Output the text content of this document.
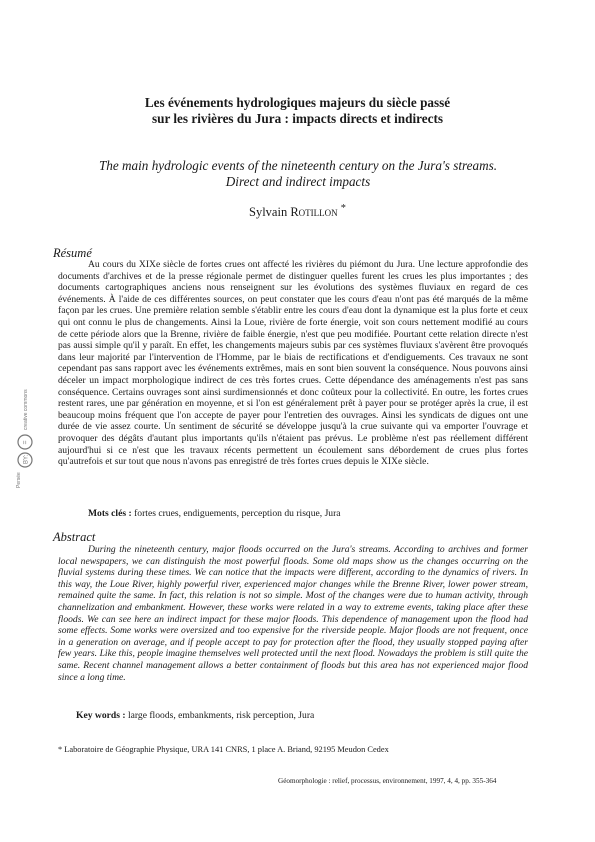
Les événements hydrologiques majeurs du siècle passé
sur les rivières du Jura : impacts directs et indirects
The main hydrologic events of the nineteenth century on the Jura's streams.
Direct and indirect impacts
Sylvain Rotillon *
Résumé

Au cours du XIXe siècle de fortes crues ont affecté les rivières du piémont du Jura. Une lecture approfondie des documents d'archives et de la presse régionale permet de distinguer quelles furent les crues les plus importantes ; des documents cartographiques anciens nous renseignent sur les évolutions des systèmes fluviaux en regard de ces événements. À l'aide de ces différentes sources, on peut constater que les cours d'eau n'ont pas été marqués de la même façon par les crues. Une première relation semble s'établir entre les cours d'eau dont la dynamique est la plus forte et ceux qui ont connu le plus de changements. Ainsi la Loue, rivière de forte énergie, voit son cours nettement modifié au cours de cette période alors que la Brenne, rivière de faible énergie, n'est que peu modifiée. Pourtant cette relation directe n'est pas aussi simple qu'il y paraît. En effet, les changements majeurs subis par ces systèmes fluviaux s'avèrent être provoqués dans leur majorité par l'intervention de l'Homme, par le biais de rectifications et d'endiguements. Ces travaux ne sont cependant pas sans rapport avec les événements extrêmes, mais en sont bien souvent la conséquence. Nous pouvons ainsi déceler un impact morphologique indirect de ces très fortes crues. Cette dépendance des aménagements n'est pas sans conséquence. Certains ouvrages sont ainsi surdimensionnés et donc coûteux pour la collectivité. En outre, les fortes crues restent rares, une par génération en moyenne, et si l'on est généralement prêt à payer pour se protéger après la crue, il est beaucoup moins fréquent que l'on accepte de payer pour l'entretien des ouvrages. Ainsi les syndicats de digues ont une durée de vie assez courte. Un sentiment de sécurité se développe jusqu'à la crue suivante qui va emporter l'ouvrage et provoquer des dégâts d'autant plus importants qu'ils n'étaient pas prévus. Le problème n'est pas réellement différent aujourd'hui si ce n'est que les travaux récents permettent un écoulement sans débordement de crues plus fortes qu'autrefois et sur tout que nous n'avons pas enregistré de très fortes crues depuis le XIXe siècle.

Mots clés : fortes crues, endiguements, perception du risque, Jura
Abstract

During the nineteenth century, major floods occurred on the Jura's streams. According to archives and former local newspapers, we can distinguish the most powerful floods. Some old maps show us the changes occurring on the fluvial systems during these times. We can notice that the impacts were different, according to the dynamics of rivers. In this way, the Loue River, highly powerful river, experienced major changes while the Brenne River, lower power stream, remained quite the same. In fact, this relation is not so simple. Most of the changes were due to human activity, through channelization and embankment. However, these works were related in a way to extreme events, taking place after these floods. We can see here an indirect impact for these major floods. This dependence of management upon the flood had some effects. Some works were oversized and too expensive for the riverside people. Major floods are not frequent, once in a generation on average, and if people accept to pay for protection after the flood, they usually stopped paying after few years. Like this, people imagine themselves well protected until the next flood. Nowadays the problem is still quite the same. Recent channel management allows a better containment of floods but this area has not experienced major flood since a long time.

Key words : large floods, embankments, risk perception, Jura
* Laboratoire de Géographie Physique, URA 141 CNRS, 1 place A. Briand, 92195 Meudon Cedex
Géomorphologie : relief, processus, environnement, 1997, 4, 4, pp. 355-364
Persée
BY:
=
creative commons
